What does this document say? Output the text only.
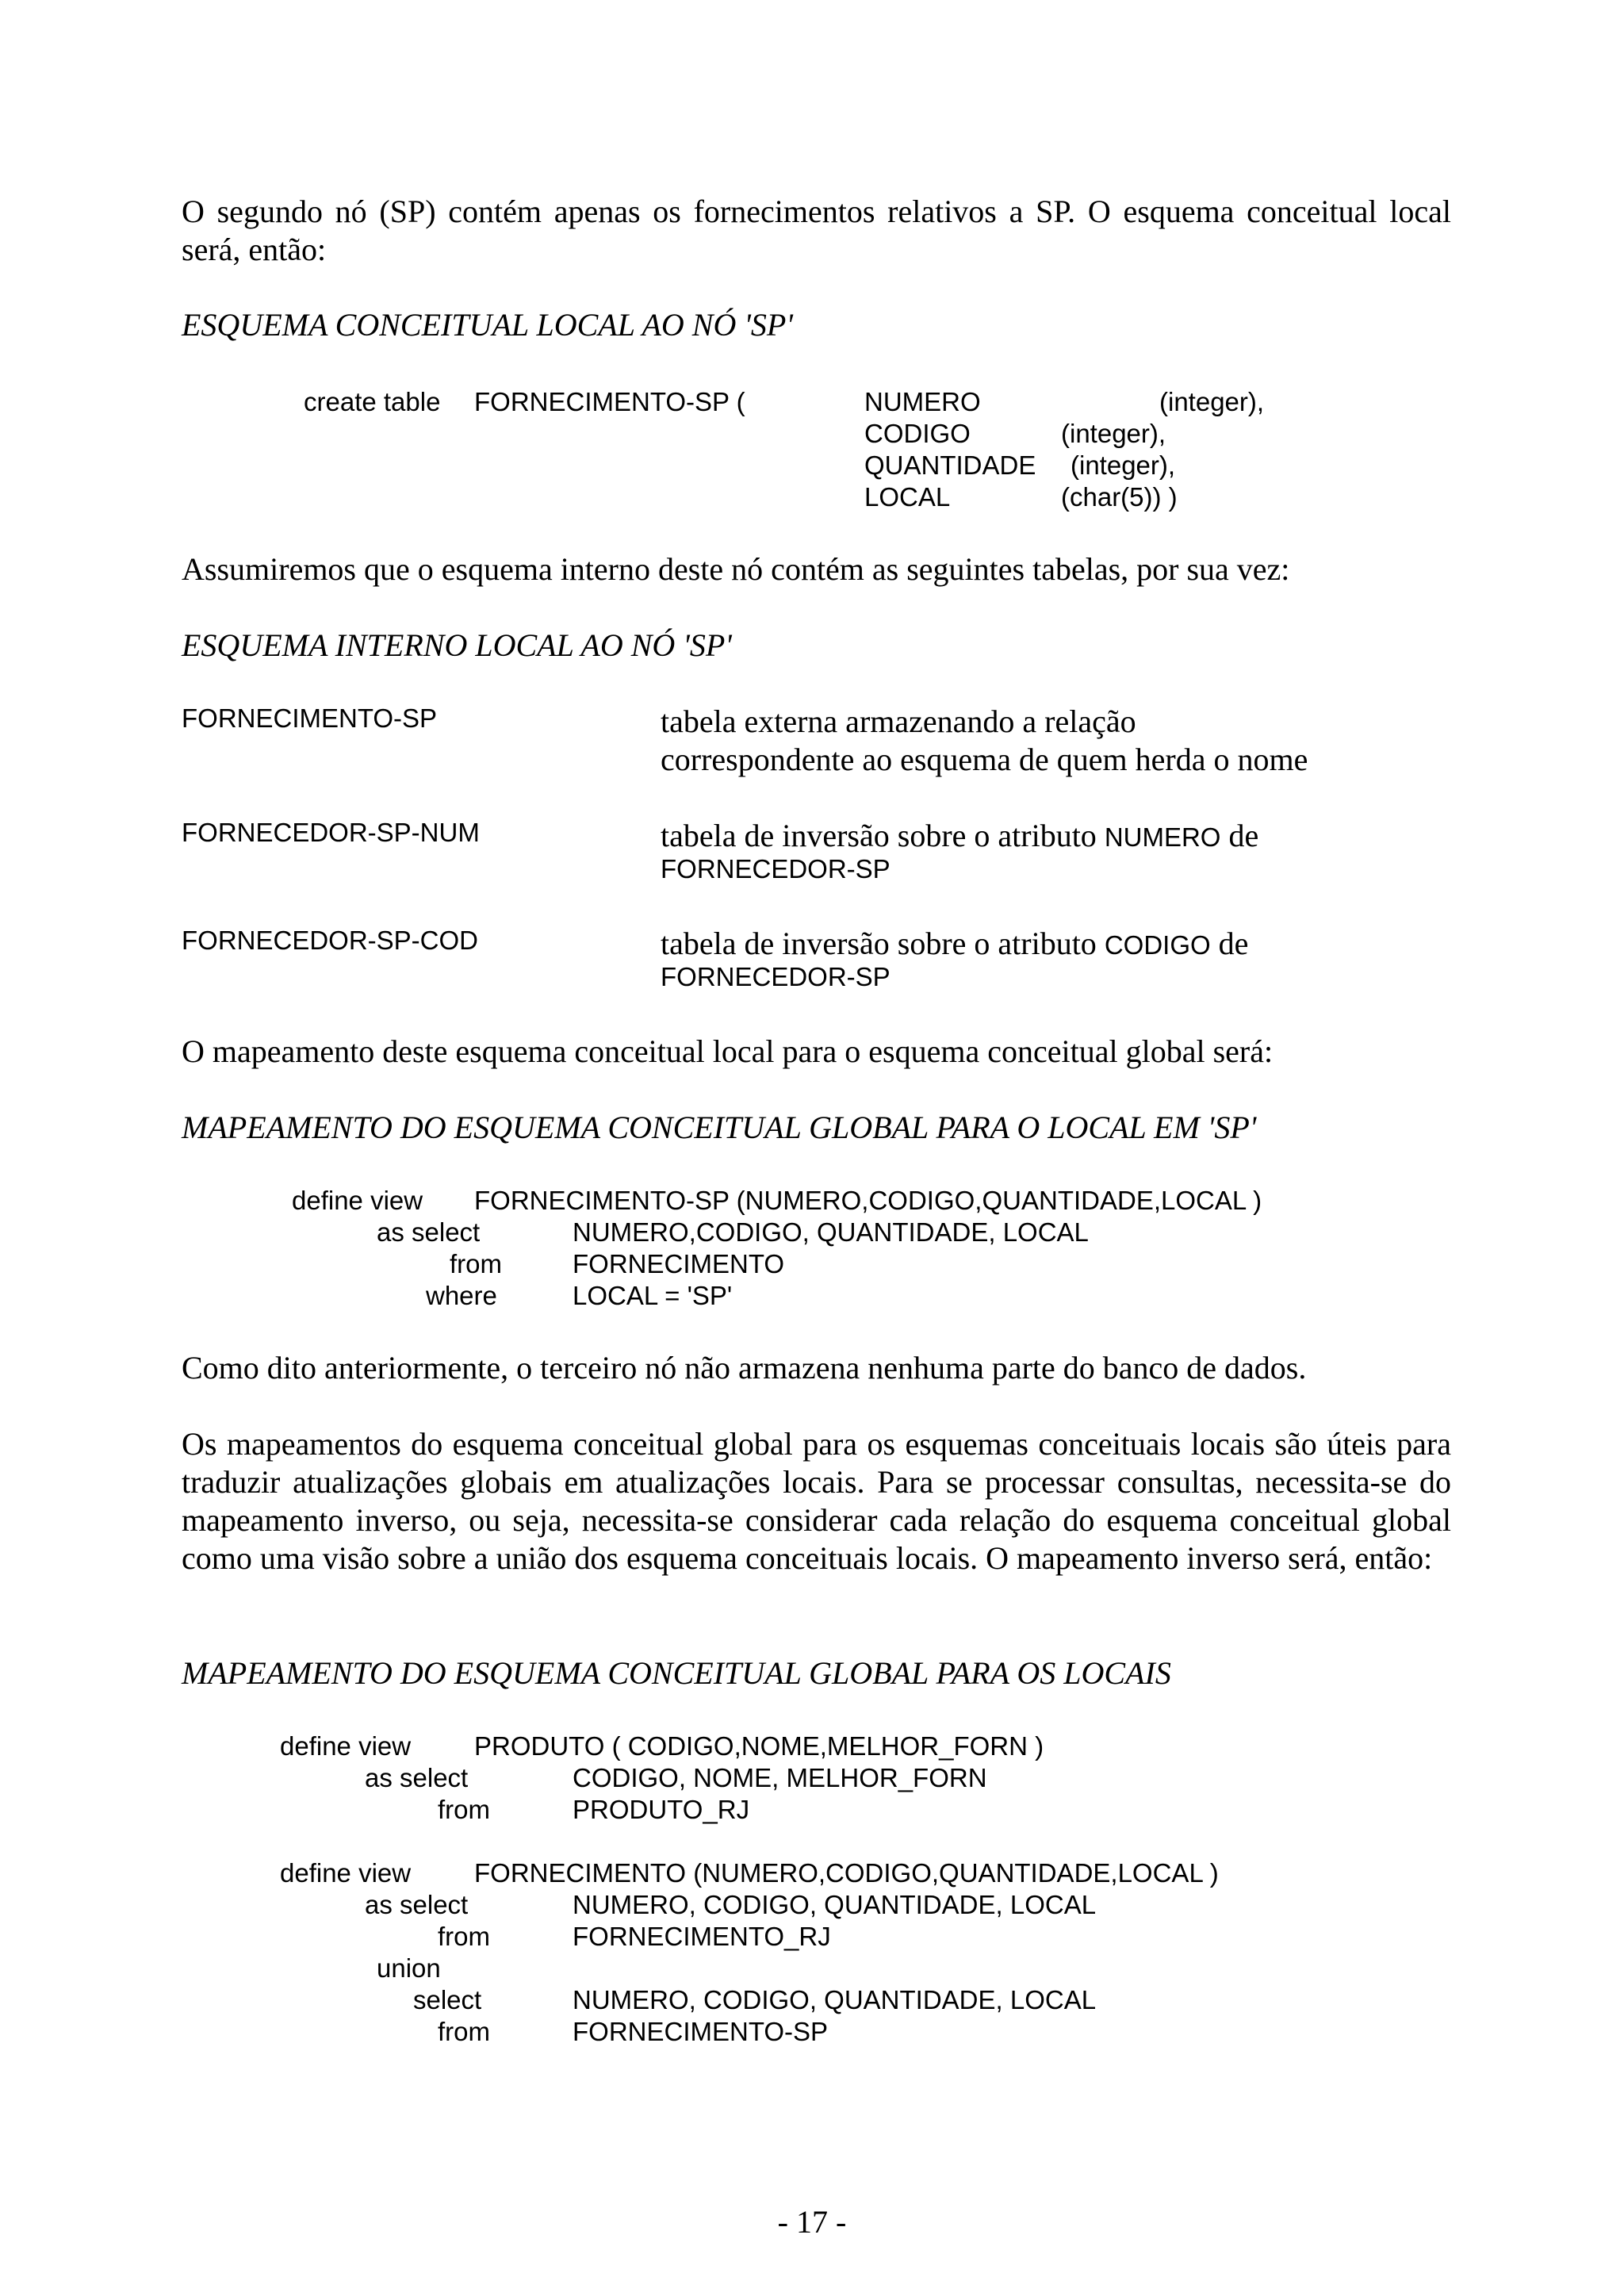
O segundo nó (SP) contém apenas os fornecimentos relativos a SP. O esquema conceitual local será, então:
ESQUEMA CONCEITUAL LOCAL AO NÓ 'SP'
create table FORNECIMENTO-SP (	NUMERO	(integer),
CODIGO	(integer),
QUANTIDADE (integer),
LOCAL	(char(5)) )
Assumiremos que o esquema interno deste nó contém as seguintes tabelas, por sua vez:
ESQUEMA INTERNO LOCAL AO NÓ 'SP'
FORNECIMENTO-SP	tabela externa armazenando a relação
correspondente ao esquema de quem herda o nome
FORNECEDOR-SP-NUM	tabela de inversão sobre o atributo NUMERO de
FORNECEDOR-SP
FORNECEDOR-SP-COD	tabela de inversão sobre o atributo CODIGO de
FORNECEDOR-SP
O mapeamento deste esquema conceitual local para o esquema conceitual global será:
MAPEAMENTO DO ESQUEMA CONCEITUAL GLOBAL PARA O LOCAL EM 'SP'
define view FORNECIMENTO-SP (NUMERO,CODIGO,QUANTIDADE,LOCAL )
as select	NUMERO,CODIGO, QUANTIDADE, LOCAL
from	FORNECIMENTO
where	LOCAL = 'SP'
Como dito anteriormente, o terceiro nó não armazena nenhuma parte do banco de dados.
Os mapeamentos do esquema conceitual global para os esquemas conceituais locais são úteis para traduzir atualizações globais em atualizações locais. Para se processar consultas, necessita-se do mapeamento inverso, ou seja, necessita-se considerar cada relação do esquema conceitual global como uma visão sobre a união dos esquema conceituais locais. O mapeamento inverso será, então:
MAPEAMENTO DO ESQUEMA CONCEITUAL GLOBAL PARA OS LOCAIS
define view PRODUTO ( CODIGO,NOME,MELHOR_FORN )
as select	CODIGO, NOME, MELHOR_FORN
from	PRODUTO_RJ
define view FORNECIMENTO (NUMERO,CODIGO,QUANTIDADE,LOCAL )
as select	NUMERO, CODIGO, QUANTIDADE, LOCAL
from	FORNECIMENTO_RJ
union
select	NUMERO, CODIGO, QUANTIDADE, LOCAL
from	FORNECIMENTO-SP
- 17 -
